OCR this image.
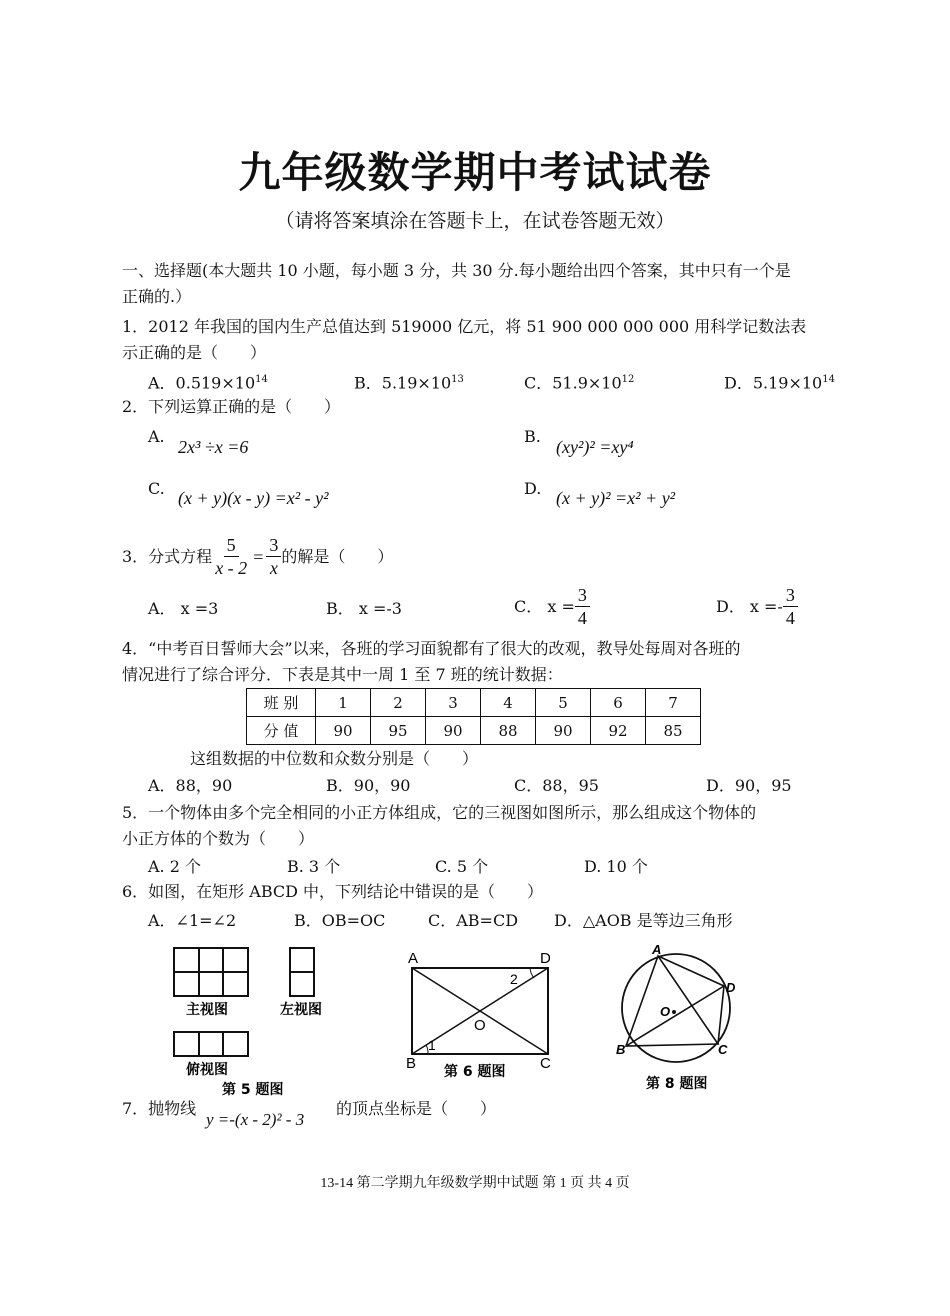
九年级数学期中考试试卷
（请将答案填涂在答题卡上，在试卷答题无效）
一、选择题(本大题共 10 小题，每小题 3 分，共 30 分.每小题给出四个答案，其中只有一个是
正确的.）
1．2012 年我国的国内生产总值达到 519000 亿元，将 51 900 000 000 000 用科学记数法表
示正确的是（　　）
A．$0.519\times 10^{14}$	B．$5.19\times 10^{13}$	C．$51.9\times 10^{12}$	D．$5.19\times 10^{14}$
2．下列运算正确的是（　　）
A.
2x³ ÷x =6
B.
(xy²)² =xy⁴
C. (x + y)(x - y) =x² - y²	D. (x + y)² =x² + y²
3．分式方程 $\frac{5}{x - 2} = \frac{3}{x}$ 的解是（　　）
A． x =3	B． x =-3	C． $x = \frac{3}{4}$	D． $x =- \frac{3}{4}$
4．“中考百日誓师大会”以来，各班的学习面貌都有了很大的改观，教导处每周对各班的
情况进行了综合评分．下表是其中一周 1 至 7 班的统计数据：
班 别	1	2	3	4	5	6	7
分 值	90	95	90	88	90	92	85
这组数据的中位数和众数分别是（　　）
A．88，90	B．90，90	C．88，95	D．90，95
5．一个物体由多个完全相同的小正方体组成，它的三视图如图所示，那么组成这个物体的
小正方体的个数为（　　）
A. 2 个	B. 3 个	C. 5 个	D. 10 个
6．如图，在矩形 ABCD 中，下列结论中错误的是（　　）
A．∠1=∠2	B．OB=OC	C．AB=CD D．△AOB 是等边三角形
主视图	左视图
俯视图
第 5 题图
A	D
B	C
O
2
1
第 6 题图
A
D
B	C
O
第 8 题图
7．抛物线
y =-(x - 2)² - 3
的顶点坐标是（　　）
13-14 第二学期九年级数学期中试题 第 1 页 共 4 页
